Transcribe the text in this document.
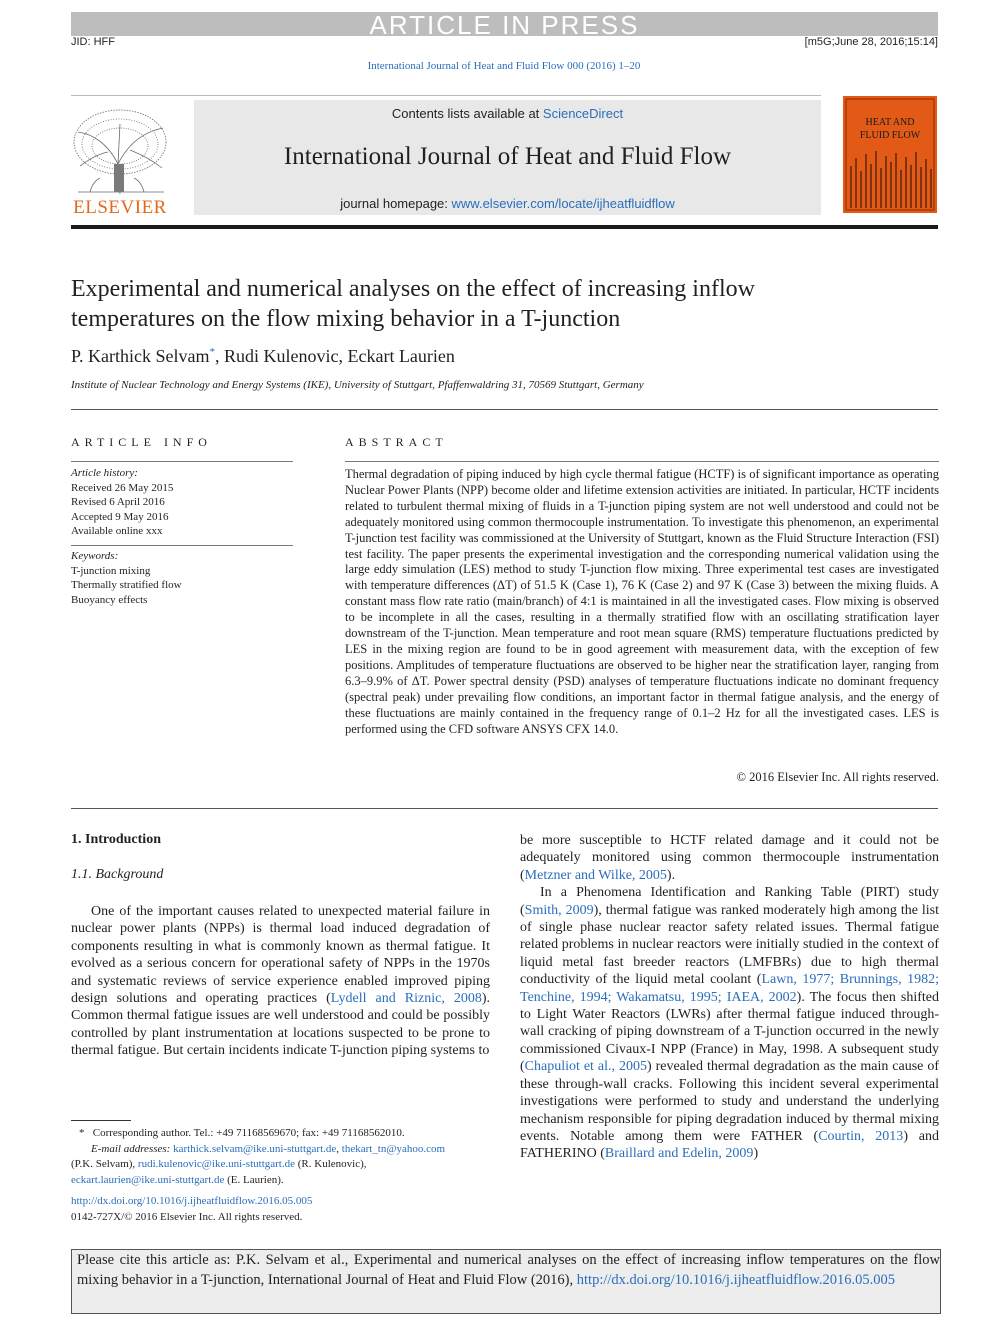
ARTICLE IN PRESS
JID: HFF	[m5G;June 28, 2016;15:14]
International Journal of Heat and Fluid Flow 000 (2016) 1–20
ELSEVIER
Contents lists available at ScienceDirect
International Journal of Heat and Fluid Flow
journal homepage: www.elsevier.com/locate/ijheatfluidflow
HEAT AND
FLUID FLOW
Experimental and numerical analyses on the effect of increasing inflow temperatures on the flow mixing behavior in a T-junction
P. Karthick Selvam*, Rudi Kulenovic, Eckart Laurien
Institute of Nuclear Technology and Energy Systems (IKE), University of Stuttgart, Pfaffenwaldring 31, 70569 Stuttgart, Germany
ARTICLE INFO
Article history:
Received 26 May 2015
Revised 6 April 2016
Accepted 9 May 2016
Available online xxx
Keywords:
T-junction mixing
Thermally stratified flow
Buoyancy effects
ABSTRACT
Thermal degradation of piping induced by high cycle thermal fatigue (HCTF) is of significant importance as operating Nuclear Power Plants (NPP) become older and lifetime extension activities are initiated. In particular, HCTF incidents related to turbulent thermal mixing of fluids in a T-junction piping system are not well understood and could not be adequately monitored using common thermocouple instrumentation. To investigate this phenomenon, an experimental T-junction test facility was commissioned at the University of Stuttgart, known as the Fluid Structure Interaction (FSI) test facility. The paper presents the experimental investigation and the corresponding numerical validation using the large eddy simulation (LES) method to study T-junction flow mixing. Three experimental test cases are investigated with temperature differences (ΔT) of 51.5 K (Case 1), 76 K (Case 2) and 97 K (Case 3) between the mixing fluids. A constant mass flow rate ratio (main/branch) of 4:1 is maintained in all the investigated cases. Flow mixing is observed to be incomplete in all the cases, resulting in a thermally stratified flow with an oscillating stratification layer downstream of the T-junction. Mean temperature and root mean square (RMS) temperature fluctuations predicted by LES in the mixing region are found to be in good agreement with measurement data, with the exception of few positions. Amplitudes of temperature fluctuations are observed to be higher near the stratification layer, ranging from 6.3–9.9% of ΔT. Power spectral density (PSD) analyses of temperature fluctuations indicate no dominant frequency (spectral peak) under prevailing flow conditions, an important factor in thermal fatigue analysis, and the energy of these fluctuations are mainly contained in the frequency range of 0.1–2 Hz for all the investigated cases. LES is performed using the CFD software ANSYS CFX 14.0.
© 2016 Elsevier Inc. All rights reserved.
1. Introduction
1.1. Background

One of the important causes related to unexpected material failure in nuclear power plants (NPPs) is thermal load induced degradation of components resulting in what is commonly known as thermal fatigue. It evolved as a serious concern for operational safety of NPPs in the 1970s and systematic reviews of service experience enabled improved piping design solutions and operating practices (Lydell and Riznic, 2008). Common thermal fatigue issues are well understood and could be possibly controlled by plant instrumentation at locations suspected to be prone to thermal fatigue. But certain incidents indicate T-junction piping systems to

* Corresponding author. Tel.: +49 71168569670; fax: +49 71168562010.
E-mail addresses: karthick.selvam@ike.uni-stuttgart.de, thekart_tn@yahoo.com
(P.K. Selvam), rudi.kulenovic@ike.uni-stuttgart.de (R. Kulenovic),
eckart.laurien@ike.uni-stuttgart.de (E. Laurien).
http://dx.doi.org/10.1016/j.ijheatfluidflow.2016.05.005
0142-727X/© 2016 Elsevier Inc. All rights reserved.

be more susceptible to HCTF related damage and it could not be adequately monitored using common thermocouple instrumentation (Metzner and Wilke, 2005).

In a Phenomena Identification and Ranking Table (PIRT) study (Smith, 2009), thermal fatigue was ranked moderately high among the list of single phase nuclear reactor safety related issues. Thermal fatigue related problems in nuclear reactors were initially studied in the context of liquid metal fast breeder reactors (LMFBRs) due to high thermal conductivity of the liquid metal coolant (Lawn, 1977; Brunnings, 1982; Tenchine, 1994; Wakamatsu, 1995; IAEA, 2002). The focus then shifted to Light Water Reactors (LWRs) after thermal fatigue induced through-wall cracking of piping downstream of a T-junction occurred in the newly commissioned Civaux-I NPP (France) in May, 1998. A subsequent study (Chapuliot et al., 2005) revealed thermal degradation as the main cause of these through-wall cracks. Following this incident several experimental investigations were performed to study and understand the underlying mechanism responsible for piping degradation induced by thermal mixing events. Notable among them were FATHER (Courtin, 2013) and FATHERINO (Braillard and Edelin, 2009)

Please cite this article as: P.K. Selvam et al., Experimental and numerical analyses on the effect of increasing inflow temperatures on the flow mixing behavior in a T-junction, International Journal of Heat and Fluid Flow (2016), http://dx.doi.org/10.1016/j.ijheatfluidflow.2016.05.005
